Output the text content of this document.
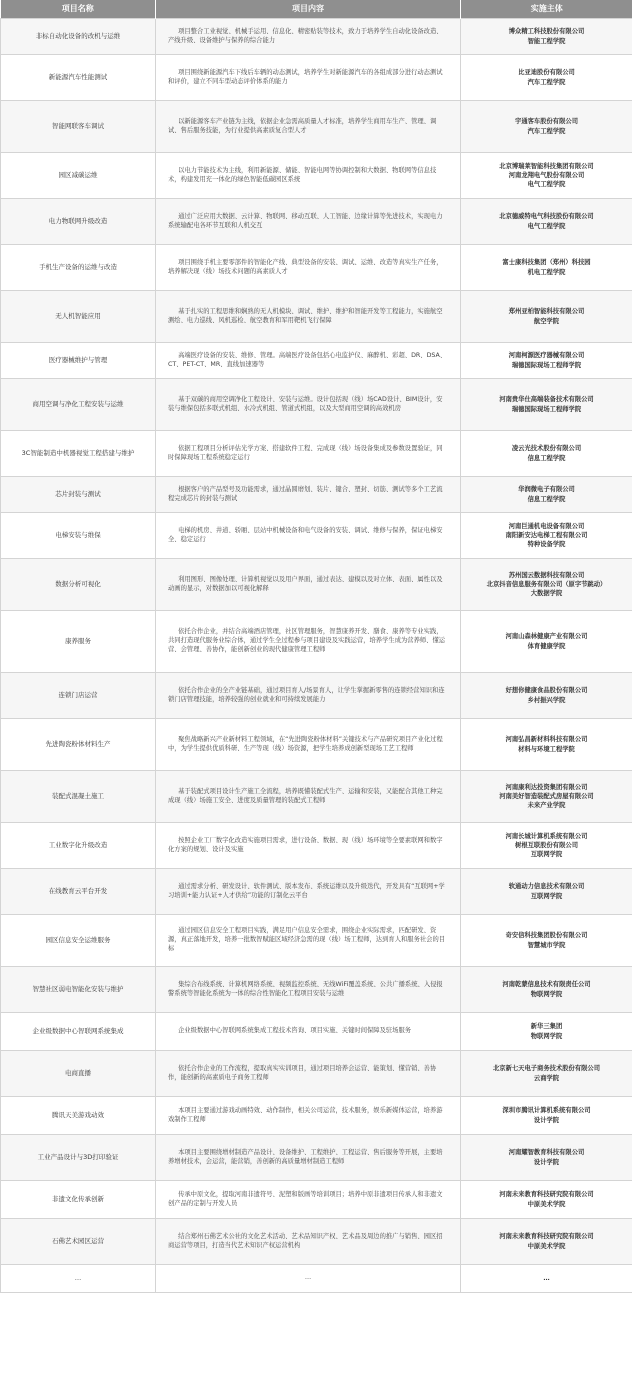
项目名称	项目内容	实施主体
非标自动化设备的改机与运维	项目整合工业视觉、机械手运用、信息化、精密贴装等技术，致力于培养学生自动化设备改造、产线升级、设备维护与保养的综合能力	博众精工科技股份有限公司
智能工程学院

新能源汽车性能测试	项目围绕新能源汽车下线后车辆的动态测试，培养学生对新能源汽车的各组成部分进行动态测试和评价，建立不同车型动态评价体系的能力	比亚迪股份有限公司
汽车工程学院

智能网联客车调试	以新能源客车产业链为主线，依据企业急需高质量人才标准，培养学生商用车生产、管理、调试、售后服务技能，为行业提供高素质复合型人才	宇通客车股份有限公司
汽车工程学院

园区减碳运维	以电力节能技术为主线，利用新能源、储能、智能电网等协调控制和大数据、物联网等信息技术，构建发用充一体化的绿色智能低碳园区系统	北京博瑞莱智能科技集团有限公司
河南龙翔电气股份有限公司
电气工程学院

电力物联网升级改造	通过广泛应用大数据、云计算、物联网、移动互联、人工智能、边缘计算等先进技术，实现电力系统输配电各环节互联和人机交互	北京德威特电气科技股份有限公司
电气工程学院

手机生产设备的运维与改造	项目围绕手机主要零部件的智能化产线、典型设备的安装、调试、运维、改造等真实生产任务，培养解决现（线）场技术问题的高素质人才	富士康科技集团（郑州）科技园
机电工程学院

无人机智能应用	基于扎实的工程思维和娴熟的无人机模块、调试、维护、维护和智能开发等工程能力，实施航空测绘、电力巡线、风机巡检、航空教育和军用靶机飞行保障	郑州亚柏智能科技有限公司
航空学院

医疗器械维护与管理	高端医疗设备的安装、维修、管理。高端医疗设备包括心电监护仪、麻醉机、彩超、DR、DSA、CT、PET-CT、MR、直线加速器等	河南柯源医疗器械有限公司
瑞德国际现场工程师学院

商用空调与净化工程安装与运维	基于双碳的商用空调净化工程设计、安装与运维。设计包括现（线）场CAD设计、BIM设计，安装与维保包括多联式机组、水冷式机组、管道式机组，以及大型商用空调的高效机房	河南贵华仕高端装备技术有限公司
瑞德国际现场工程师学院

3C智能制造中机器视觉工程搭建与维护	依据工程项目分析评估光学方案、搭建软件工程、完成现（线）场设备集成及参数设置验证，同时保障现场工程系统稳定运行	凌云光技术股份有限公司
信息工程学院

芯片封装与测试	根据客户的产品型号及功能需求，通过晶圆磨划、装片、键合、塑封、切筋、测试等多个工艺流程完成芯片的封装与测试	华润微电子有限公司
信息工程学院

电梯安装与维保	电梯的机房、井道、轿厢、层站中机械设备和电气设备的安装、调试、维修与保养，保证电梯安全、稳定运行	河南巨通机电设备有限公司
南阳新安达电梯工程有限公司
特种设备学院

数据分析可视化	利用图形、图像处理、计算机视觉以及用户界面，通过表达、建模以及对立体、表面、属性以及动画的显示，对数据加以可视化解释	苏州国云数据科技有限公司
北京抖音信息服务有限公司（原字节跳动）
大数据学院

康养服务	依托合作企业，并结合高端酒店管理，社区管理服务，智慧康养开发、膳食、康养等专业实践，共同打造现代服务业综合体，通过学生全过程参与项目建设及实践运营，培养学生成为营养师、懂运营、会管理、善协作，能创新创业的现代健康管理工程师	河南山森林健康产业有限公司
体育健康学院

连锁门店运营	依托合作企业的全产业链基础，通过项目育人/场景育人，让学生掌握新零售的连锁经营知识和连锁门店管理技能，培养较强的创业就业和可持续发展能力	好想你健康食品股份有限公司
乡村振兴学院

先进陶瓷粉体材料生产	聚焦战略新兴产业新材料工程领域，在“先进陶瓷粉体材料”关键技术与产品研究项目产业化过程中，为学生提供优质科研、生产等现（线）场资源，把学生培养成创新型现场工艺工程师	河南弘昌新材料科技有限公司
材料与环境工程学院

装配式混凝土施工	基于装配式项目设计生产施工全流程，培养既懂装配式生产、运输和安装，又能配合其他工种完成现（线）场施工安全、进度及质量管理的装配式工程师	河南康利达投资集团有限公司
河南美好智造装配式房屋有限公司
未来产业学院

工业数字化升级改造	按照企业工厂数字化改造实施项目需求，进行设备、数据、现（线）场环境等全要素联网和数字化方案的规划、设计及实施	河南长城计算机系统有限公司
树根互联股份有限公司
互联网学院

在线教育云平台开发	通过需求分析、研发设计、软件测试、版本发布、系统运维以及升级迭代，开发具有“互联网+学习培训+能力认证+人才供给”功能的订制化云平台	软通动力信息技术有限公司
互联网学院

园区信息安全运维服务	通过园区信息安全工程项目实践，满足用户信息安全需求，围绕企业实际需求，匹配研发、资源，真正落地开发，培养一批数智赋能区域经济急需的现（线）场工程师，达到育人和服务社会的目标	奇安信科技集团股份有限公司
智慧城市学院

智慧社区弱电智能化安装与维护	集综合布线系统、计算机网络系统、视频监控系统、无线WiFi覆盖系统、公共广播系统、入侵报警系统等智能化系统为一体的综合性智能化工程项目安装与运维	河南乾蒙信息技术有限责任公司
物联网学院

企业级数据中心智联网系统集成	企业级数据中心智联网系统集成工程技术咨询、项目实施、关键时间保障及驻场服务	新华三集团
物联网学院

电商直播	依托合作企业的工作流程，提取真实实训项目，通过项目培养会运营、能策划、懂营销、善协作，能创新的高素质电子商务工程师	北京新七天电子商务技术股份有限公司
云商学院

腾讯天美游戏动效	本项目主要通过游戏动画特效、动作制作，相关公司运营，技术服务，娱乐新媒体运营，培养游戏制作工程师	深圳市腾讯计算机系统有限公司
设计学院

工业产品设计与3D打印验证	本项目主要围绕增材制造产品设计、设备维护、工程维护、工程运营、售后服务等开展，主要培养增材技术，会运营，能营销，善创新的高质量增材制造工程师	河南耀智教育科技有限公司
设计学院

非遗文化传承创新	传承中原文化，提取河南非遗符号、泥塑和版画等培训项目；培养中原非遗项目传承人和非遗文创产品的定制与开发人员	河南未来教育科技研究院有限公司
中原美术学院

石佛艺术园区运营	结合郑州石佛艺术公社的文化艺术活动、艺术品知识产权、艺术品及周边的推广与销售、园区招商运营等项目，打造当代艺术知识产权运营机构	河南未来教育科技研究院有限公司
中原美术学院

…	…	…
